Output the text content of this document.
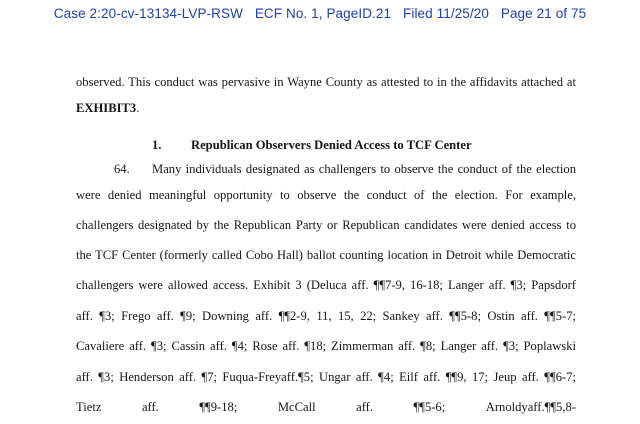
Case 2:20-cv-13134-LVP-RSW ECF No. 1, PageID.21 Filed 11/25/20 Page 21 of 75
observed. This conduct was pervasive in Wayne County as attested to in the affidavits attached at
EXHIBIT3.
1. Republican Observers Denied Access to TCF Center
64. Many individuals designated as challengers to observe the conduct of the election
were denied meaningful opportunity to observe the conduct of the election. For example,
challengers designated by the Republican Party or Republican candidates were denied access to
the TCF Center (formerly called Cobo Hall) ballot counting location in Detroit while Democratic
challengers were allowed access. Exhibit 3 (Deluca aff. ¶¶7-9, 16-18; Langer aff. ¶3; Papsdorf
aff. ¶3; Frego aff. ¶9; Downing aff. ¶¶2-9, 11, 15, 22; Sankey aff. ¶¶5-8; Ostin aff. ¶¶5-7;
Cavaliere aff. ¶3; Cassin aff. ¶4; Rose aff. ¶18; Zimmerman aff. ¶8; Langer aff. ¶3; Poplawski
aff. ¶3; Henderson aff. ¶7; Fuqua-Freyaff.¶5; Ungar aff. ¶4; Eilf aff. ¶¶9, 17; Jeup aff. ¶¶6-7;
Tietz	aff.	¶¶9-18;	McCall	aff.	¶¶5-6;	Arnoldyaff.¶¶5,8-
